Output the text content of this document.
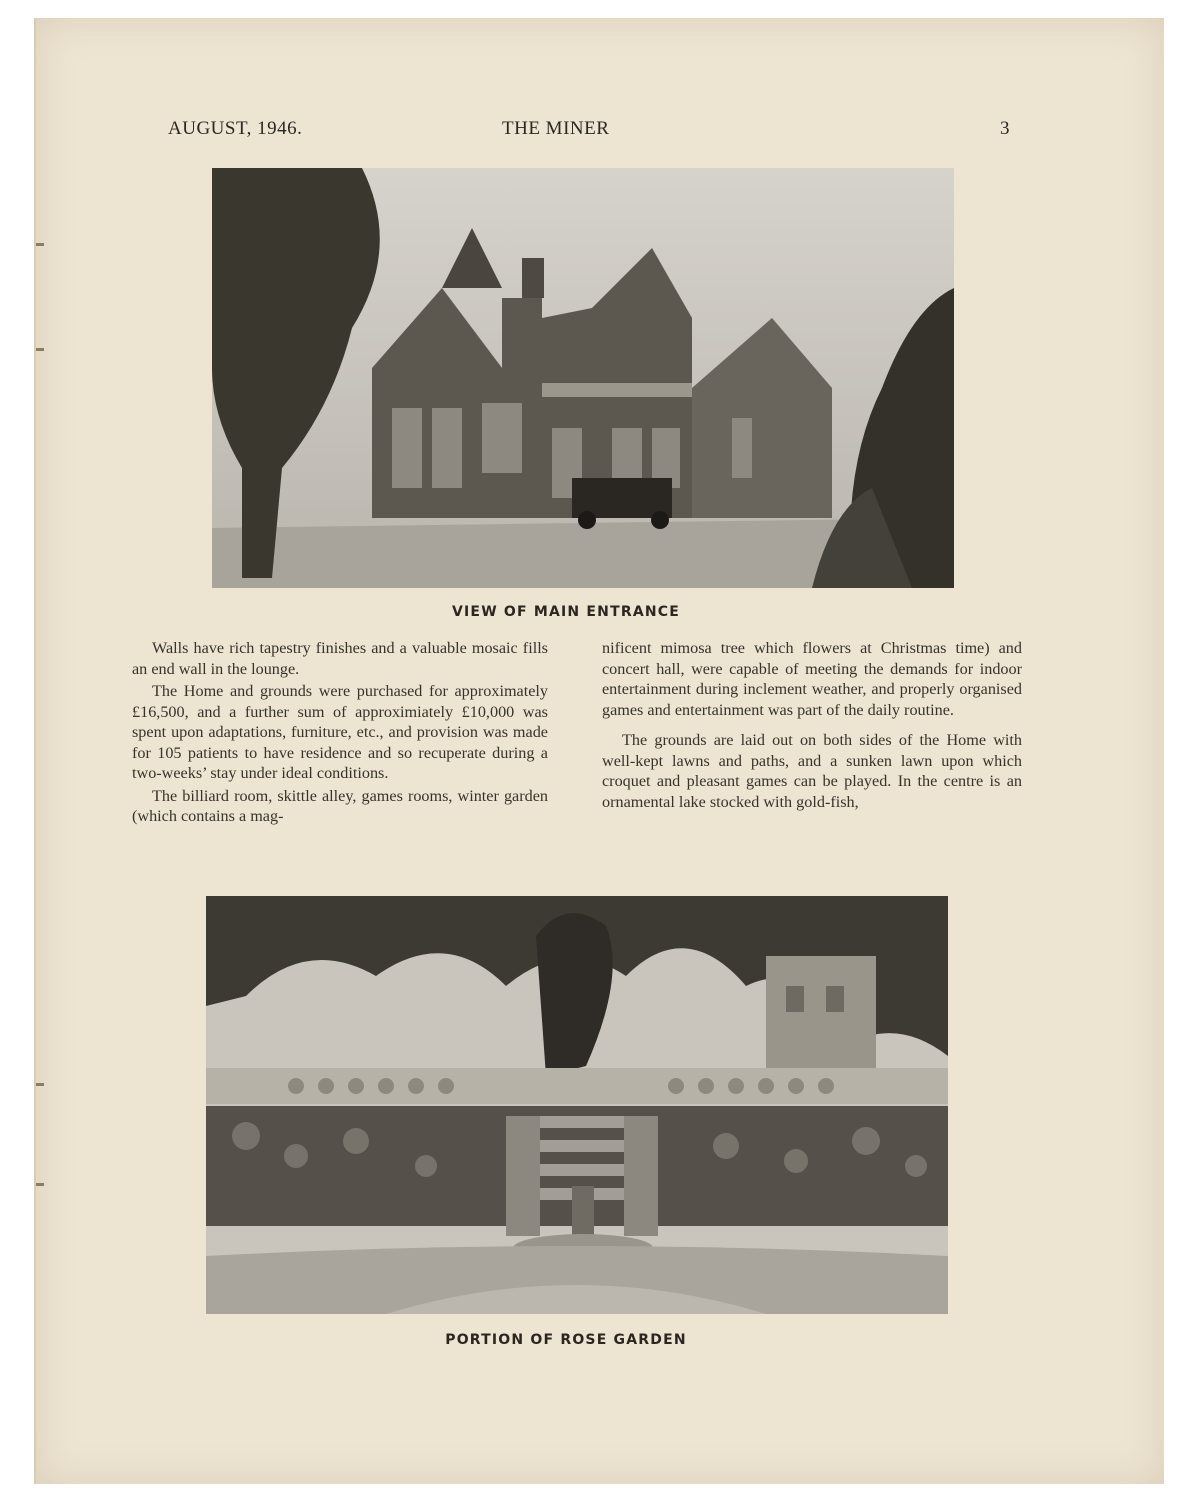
AUGUST, 1946.	THE MINER	3
VIEW OF MAIN ENTRANCE

Walls have rich tapestry finishes and a valuable mosaic fills an end wall in the lounge.

The Home and grounds were purchased for approximately £16,500, and a further sum of approximiately £10,000 was spent upon adaptations, furniture, etc., and provision was made for 105 patients to have residence and so recuperate during a two-weeks’ stay under ideal conditions.

The billiard room, skittle alley, games rooms, winter garden (which contains a mag-

nificent mimosa tree which flowers at Christmas time) and concert hall, were capable of meeting the demands for indoor entertainment during inclement weather, and properly organised games and entertainment was part of the daily routine.

The grounds are laid out on both sides of the Home with well-kept lawns and paths, and a sunken lawn upon which croquet and pleasant games can be played. In the centre is an ornamental lake stocked with gold-fish,

PORTION OF ROSE GARDEN
